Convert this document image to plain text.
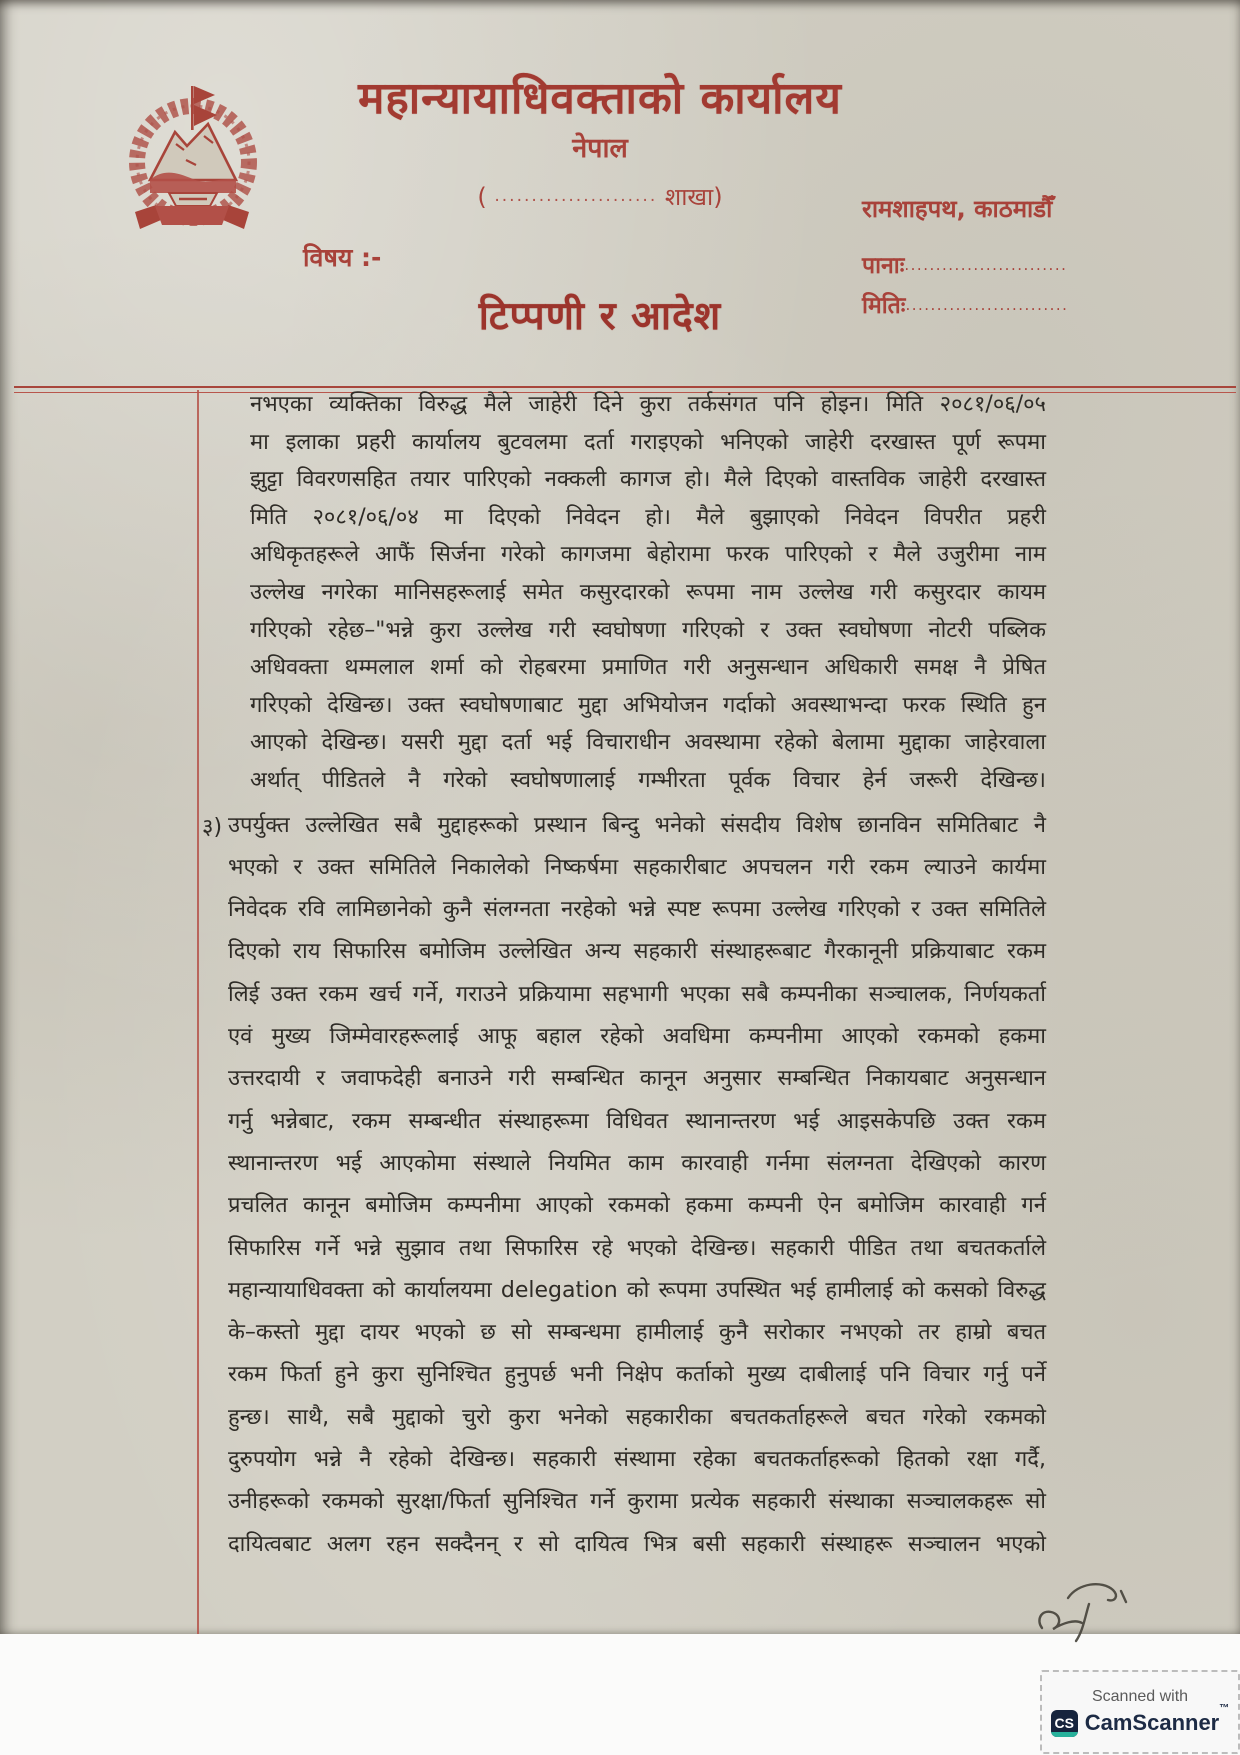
महान्यायाधिवक्ताको कार्यालय
नेपाल
( ...................... शाखा)	रामशाहपथ, काठमाडौँ
विषय :-	पानाः..........................
मितिः..........................
टिप्पणी र आदेश
नभएका व्यक्तिका विरुद्ध मैले जाहेरी दिने कुरा तर्कसंगत पनि होइन। मिति २०८१/०६/०५
मा इलाका प्रहरी कार्यालय बुटवलमा दर्ता गराइएको भनिएको जाहेरी दरखास्त पूर्ण रूपमा
झुट्टा विवरणसहित तयार पारिएको नक्कली कागज हो। मैले दिएको वास्तविक जाहेरी दरखास्त
मिति २०८१/०६/०४ मा दिएको निवेदन हो। मैले बुझाएको निवेदन विपरीत प्रहरी
अधिकृतहरूले आफैं सिर्जना गरेको कागजमा बेहोरामा फरक पारिएको र मैले उजुरीमा नाम
उल्लेख नगरेका मानिसहरूलाई समेत कसुरदारको रूपमा नाम उल्लेख गरी कसुरदार कायम
गरिएको रहेछ–"भन्ने कुरा उल्लेख गरी स्वघोषणा गरिएको र उक्त स्वघोषणा नोटरी पब्लिक
अधिवक्ता थम्मलाल शर्मा को रोहबरमा प्रमाणित गरी अनुसन्धान अधिकारी समक्ष नै प्रेषित
गरिएको देखिन्छ। उक्त स्वघोषणाबाट मुद्दा अभियोजन गर्दाको अवस्थाभन्दा फरक स्थिति हुन
आएको देखिन्छ। यसरी मुद्दा दर्ता भई विचाराधीन अवस्थामा रहेको बेलामा मुद्दाका जाहेरवाला
अर्थात् पीडितले नै गरेको स्वघोषणालाई गम्भीरता पूर्वक विचार हेर्न जरूरी देखिन्छ।
३) उपर्युक्त उल्लेखित सबै मुद्दाहरूको प्रस्थान बिन्दु भनेको संसदीय विशेष छानविन समितिबाट नै
भएको र उक्त समितिले निकालेको निष्कर्षमा सहकारीबाट अपचलन गरी रकम ल्याउने कार्यमा
निवेदक रवि लामिछानेको कुनै संलग्नता नरहेको भन्ने स्पष्ट रूपमा उल्लेख गरिएको र उक्त समितिले
दिएको राय सिफारिस बमोजिम उल्लेखित अन्य सहकारी संस्थाहरूबाट गैरकानूनी प्रक्रियाबाट रकम
लिई उक्त रकम खर्च गर्ने, गराउने प्रक्रियामा सहभागी भएका सबै कम्पनीका सञ्चालक, निर्णयकर्ता
एवं मुख्य जिम्मेवारहरूलाई आफू बहाल रहेको अवधिमा कम्पनीमा आएको रकमको हकमा
उत्तरदायी र जवाफदेही बनाउने गरी सम्बन्धित कानून अनुसार सम्बन्धित निकायबाट अनुसन्धान
गर्नु भन्नेबाट, रकम सम्बन्धीत संस्थाहरूमा विधिवत स्थानान्तरण भई आइसकेपछि उक्त रकम
स्थानान्तरण भई आएकोमा संस्थाले नियमित काम कारवाही गर्नमा संलग्नता देखिएको कारण
प्रचलित कानून बमोजिम कम्पनीमा आएको रकमको हकमा कम्पनी ऐन बमोजिम कारवाही गर्न
सिफारिस गर्ने भन्ने सुझाव तथा सिफारिस रहे भएको देखिन्छ। सहकारी पीडित तथा बचतकर्ताले
महान्यायाधिवक्ता को कार्यालयमा delegation को रूपमा उपस्थित भई हामीलाई को कसको विरुद्ध
के–कस्तो मुद्दा दायर भएको छ सो सम्बन्धमा हामीलाई कुनै सरोकार नभएको तर हाम्रो बचत
रकम फिर्ता हुने कुरा सुनिश्चित हुनुपर्छ भनी निक्षेप कर्ताको मुख्य दाबीलाई पनि विचार गर्नु पर्ने
हुन्छ। साथै, सबै मुद्दाको चुरो कुरा भनेको सहकारीका बचतकर्ताहरूले बचत गरेको रकमको
दुरुपयोग भन्ने नै रहेको देखिन्छ। सहकारी संस्थामा रहेका बचतकर्ताहरूको हितको रक्षा गर्दै,
उनीहरूको रकमको सुरक्षा/फिर्ता सुनिश्चित गर्ने कुरामा प्रत्येक सहकारी संस्थाका सञ्चालकहरू सो
दायित्वबाट अलग रहन सक्दैनन् र सो दायित्व भित्र बसी सहकारी संस्थाहरू सञ्चालन भएको
Scanned with
CS CamScanner™
